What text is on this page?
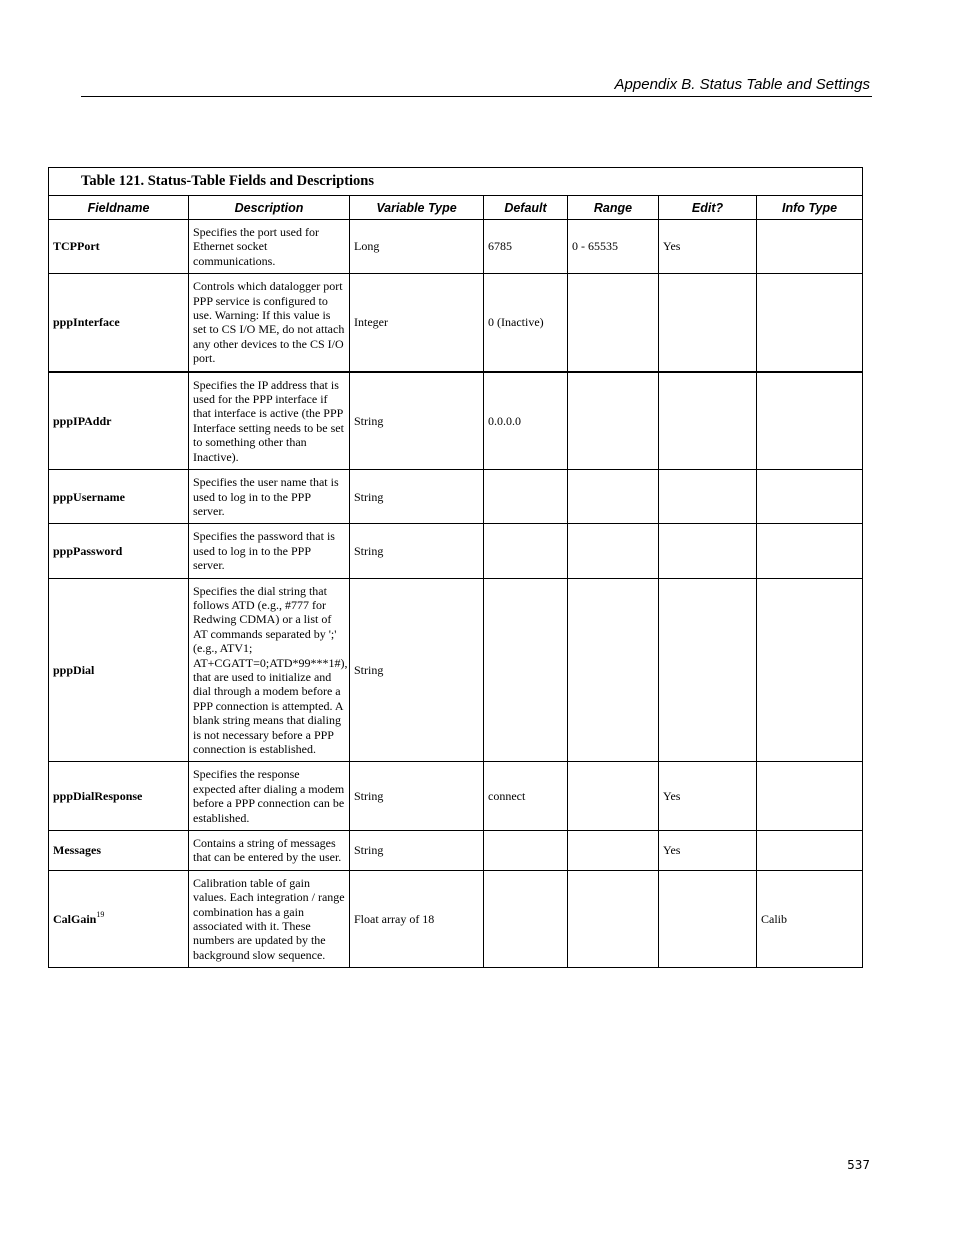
Appendix B. Status Table and Settings
Table 121. Status-Table Fields and Descriptions						
Fieldname	Description	Variable Type	Default	Range	Edit?	Info Type
TCPPort	Specifies the port used for Ethernet socket communications.	Long	6785	0 - 65535	Yes	
pppInterface	Controls which datalogger port PPP service is configured to use. Warning: If this value is set to CS I/O ME, do not attach any other devices to the CS I/O port.	Integer	0 (Inactive)			
pppIPAddr	Specifies the IP address that is used for the PPP interface if that interface is active (the PPP Interface setting needs to be set to something other than Inactive).	String	0.0.0.0			
pppUsername	Specifies the user name that is used to log in to the PPP server.	String				
pppPassword	Specifies the password that is used to log in to the PPP server.	String				
pppDial	Specifies the dial string that follows ATD (e.g., #777 for Redwing CDMA) or a list of AT commands separated by ';' (e.g., ATV1; AT+CGATT=0;ATD*99***1#), that are used to initialize and dial through a modem before a PPP connection is attempted. A blank string means that dialing is not necessary before a PPP connection is established.	String				
pppDialResponse	Specifies the response expected after dialing a modem before a PPP connection can be established.	String	connect		Yes	
Messages	Contains a string of messages that can be entered by the user.	String			Yes	
CalGain$^{19}$	Calibration table of gain values. Each integration / range combination has a gain associated with it. These numbers are updated by the background slow sequence.	Float array of 18				Calib
537
